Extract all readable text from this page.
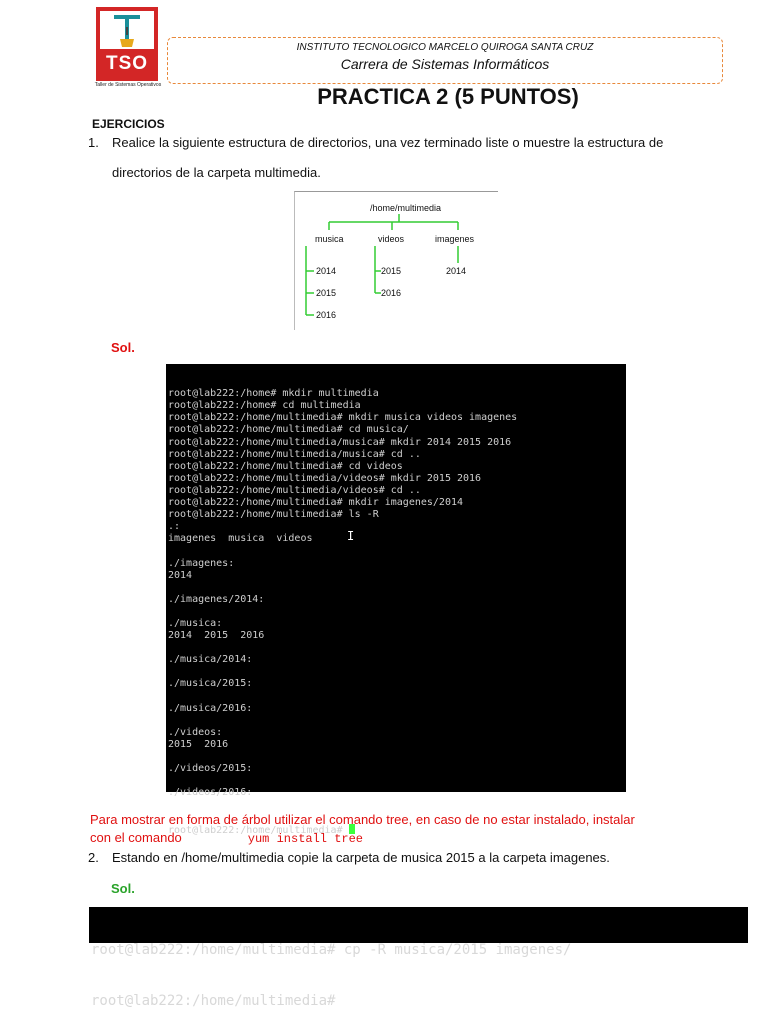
TSO
Taller de Sistemas Operativos
INSTITUTO TECNOLOGICO MARCELO QUIROGA SANTA CRUZ
Carrera de Sistemas Informáticos
PRACTICA 2 (5 PUNTOS)
EJERCICIOS
1. Realice la siguiente estructura de directorios, una vez terminado liste o muestre la estructura de
directorios de la carpeta multimedia.
/home/multimedia
musica	videos	imagenes
2014
2015
2016
2015
2016
2014
Sol.

root@lab222:/home# mkdir multimedia
root@lab222:/home# cd multimedia
root@lab222:/home/multimedia# mkdir musica videos imagenes
root@lab222:/home/multimedia# cd musica/
root@lab222:/home/multimedia/musica# mkdir 2014 2015 2016
root@lab222:/home/multimedia/musica# cd ..
root@lab222:/home/multimedia# cd videos
root@lab222:/home/multimedia/videos# mkdir 2015 2016
root@lab222:/home/multimedia/videos# cd ..
root@lab222:/home/multimedia# mkdir imagenes/2014
root@lab222:/home/multimedia# ls -R
.:
imagenes  musica  videos
./imagenes:
2014
./imagenes/2014:
./musica:
2014  2015  2016
./musica/2014:
./musica/2015:
./musica/2016:
./videos:
2015  2016
./videos/2015:
./videos/2016:

root@lab222:/home/multimedia#

I

Para mostrar en forma de árbol utilizar el comando tree, en caso de no estar instalado, instalar
con el comando	yum install tree
2. Estando en /home/multimedia copie la carpeta de musica 2015 a la carpeta imagenes.
Sol.

root@lab222:/home/multimedia# cp -R musica/2015 imagenes/

root@lab222:/home/multimedia#
